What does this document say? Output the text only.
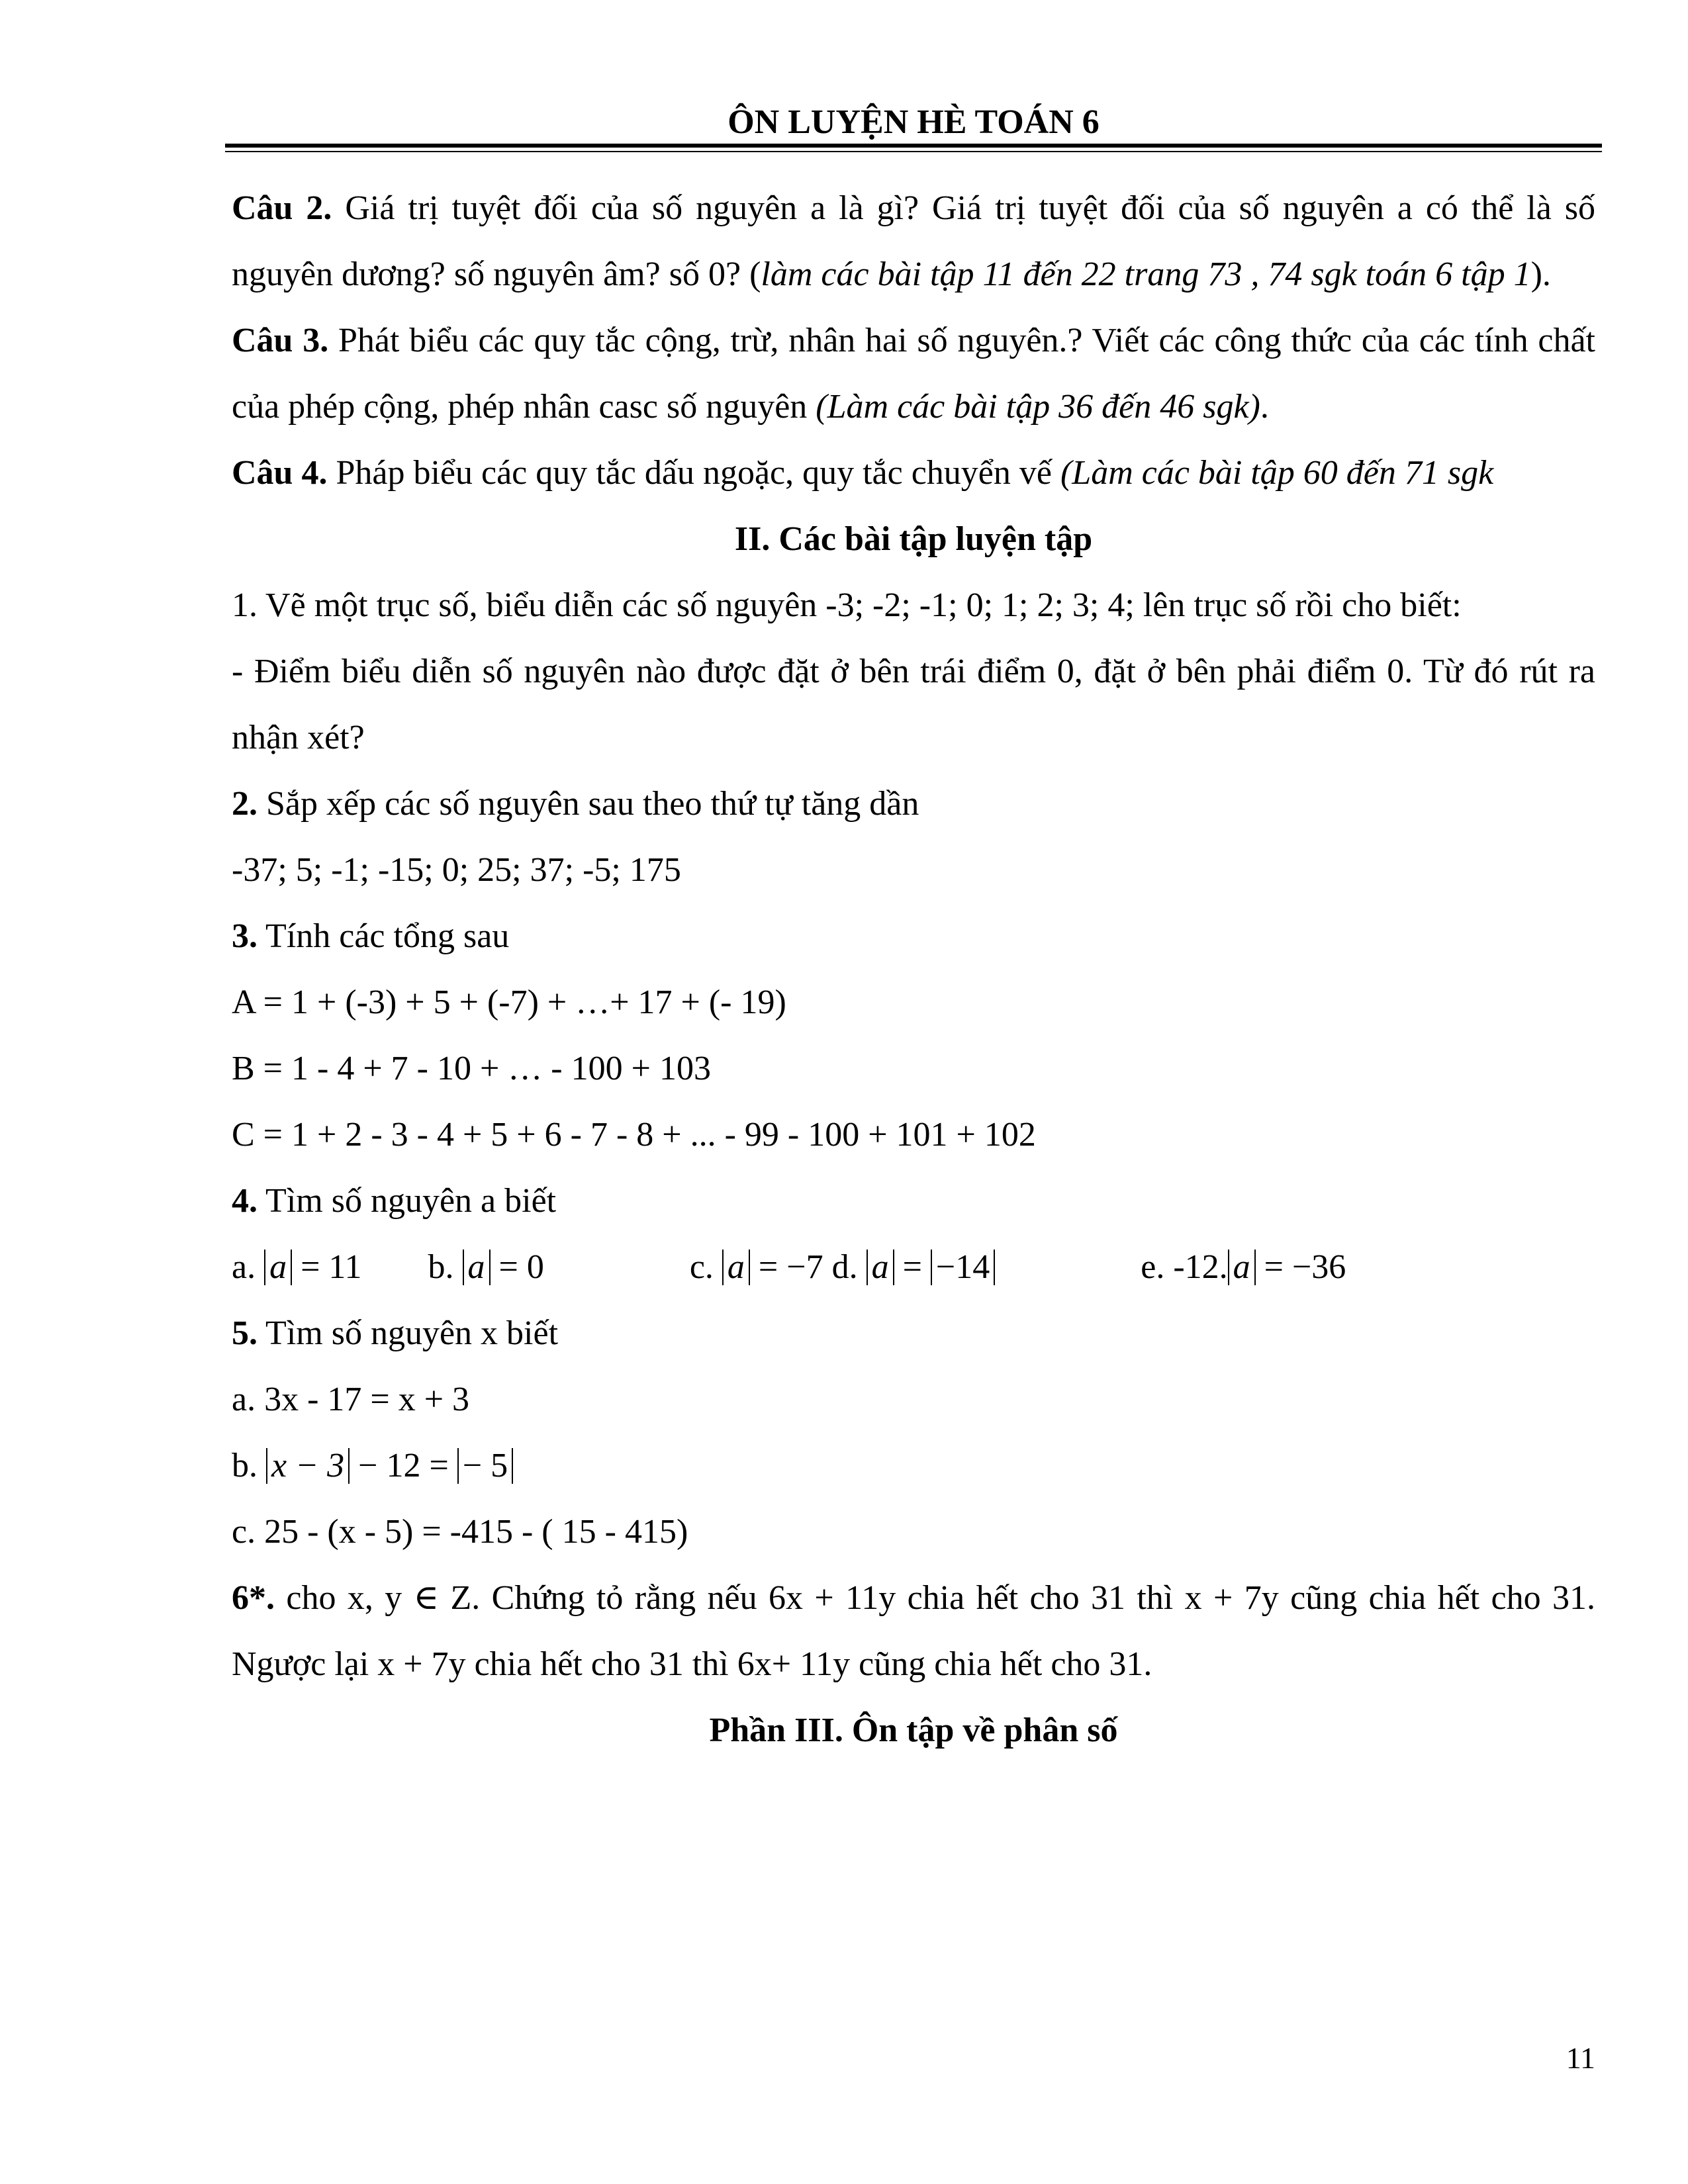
ÔN LUYỆN HÈ TOÁN 6

Câu 2. Giá trị tuyệt đối của số nguyên a là gì? Giá trị tuyệt đối của số nguyên a có thể là số nguyên dương? số nguyên âm? số 0? (làm các bài tập 11 đến 22 trang 73 , 74 sgk toán 6 tập 1).

Câu 3. Phát biểu các quy tắc cộng, trừ, nhân hai số nguyên.? Viết các công thức của các tính chất của phép cộng, phép nhân casc số nguyên (Làm các bài tập 36 đến 46 sgk).

Câu 4. Pháp biểu các quy tắc dấu ngoặc, quy tắc chuyển vế (Làm các bài tập 60 đến 71 sgk

II. Các bài tập luyện tập

1. Vẽ một trục số, biểu diễn các số nguyên -3; -2; -1; 0; 1; 2; 3; 4; lên trục số rồi cho biết:

- Điểm biểu diễn số nguyên nào được đặt ở bên trái điểm 0, đặt ở bên phải điểm 0. Từ đó rút ra nhận xét?

2. Sắp xếp các số nguyên sau theo thứ tự tăng dần

-37; 5; -1; -15; 0; 25; 37; -5; 175

3. Tính các tổng sau

A = 1 + (-3) + 5 + (-7) + …+ 17 + (- 19)

B = 1 - 4 + 7 - 10 + … - 100 + 103

C = 1 + 2 - 3 - 4 + 5 + 6 - 7 - 8 + ... - 99 - 100 + 101 + 102

4. Tìm số nguyên a biết

a. a = 11 b. a = 0	c. a = −7 d. a = −14	e. -12. a = −36

5. Tìm số nguyên x biết

a. 3x - 17 = x + 3

b. x − 3 − 12 = − 5

c. 25 - (x - 5) = -415 - ( 15 - 415)

6*. cho x, y ∈ Z. Chứng tỏ rằng nếu 6x + 11y chia hết cho 31 thì x + 7y cũng chia hết cho 31. Ngược lại x + 7y chia hết cho 31 thì 6x+ 11y cũng chia hết cho 31.

Phần III. Ôn tập về phân số

11
